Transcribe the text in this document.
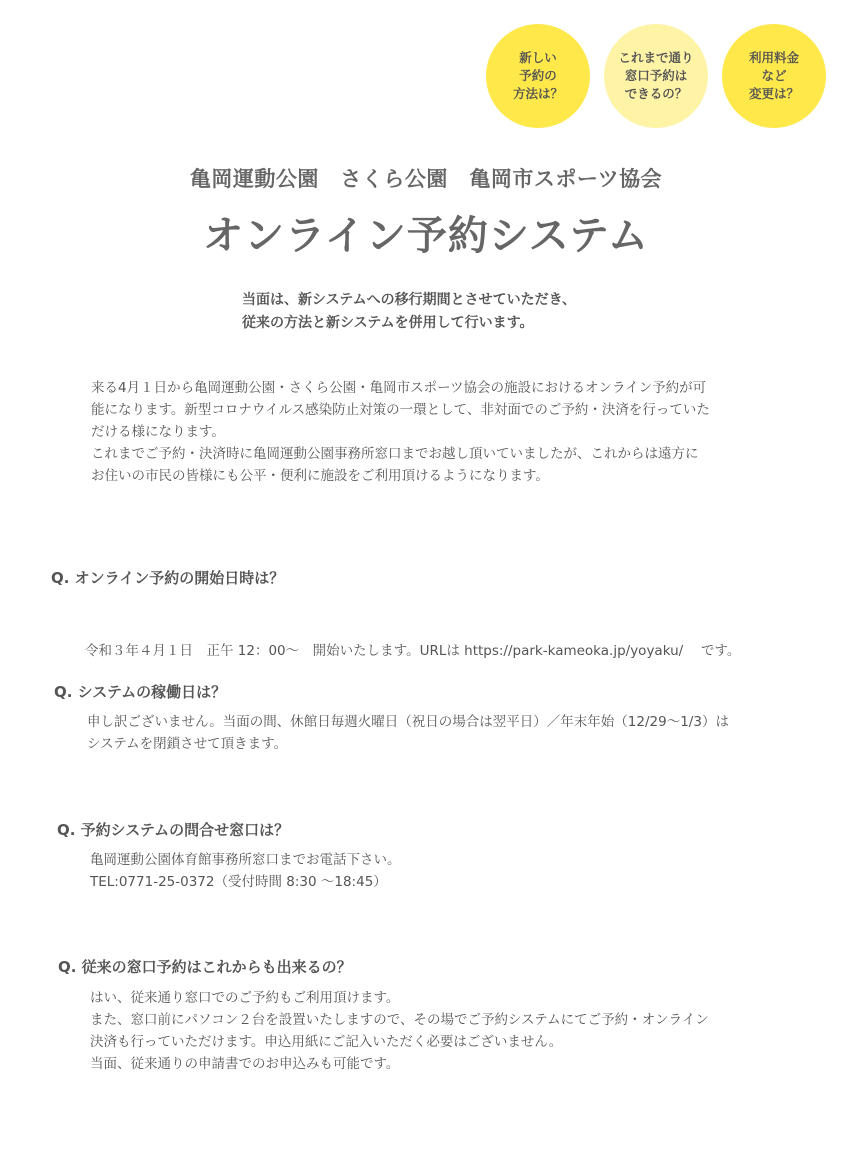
新しい
予約の
方法は？
これまで通り
窓口予約は
できるの？
利用料金
など
変更は？
亀岡運動公園　さくら公園　亀岡市スポーツ協会
オンライン予約システム
当面は、新システムへの移行期間とさせていただき、
従来の方法と新システムを併用して行います。
来る4月１日から亀岡運動公園・さくら公園・亀岡市スポーツ協会の施設におけるオンライン予約が可
能になります。新型コロナウイルス感染防止対策の一環として、非対面でのご予約・決済を行っていた
だける様になります。
これまでご予約・決済時に亀岡運動公園事務所窓口までお越し頂いていましたが、これからは遠方に
お住いの市民の皆様にも公平・便利に施設をご利用頂けるようになります。
Q. オンライン予約の開始日時は？

令和３年４月１日　正午 12：00～　開始いたします。URLは https://park-kameoka.jp/yoyaku/　 です。

Q. システムの稼働日は？
申し訳ございません。当面の間、休館日毎週火曜日（祝日の場合は翌平日）／年末年始（12/29～1/3）は
システムを閉鎖させて頂きます。
Q. 予約システムの問合せ窓口は？
亀岡運動公園体育館事務所窓口までお電話下さい。
TEL:0771-25-0372（受付時間 8:30 ～18:45）
Q. 従来の窓口予約はこれからも出来るの？
はい、従来通り窓口でのご予約もご利用頂けます。
また、窓口前にパソコン２台を設置いたしますので、その場でご予約システムにてご予約・オンライン
決済も行っていただけます。申込用紙にご記入いただく必要はございません。
当面、従来通りの申請書でのお申込みも可能です。
